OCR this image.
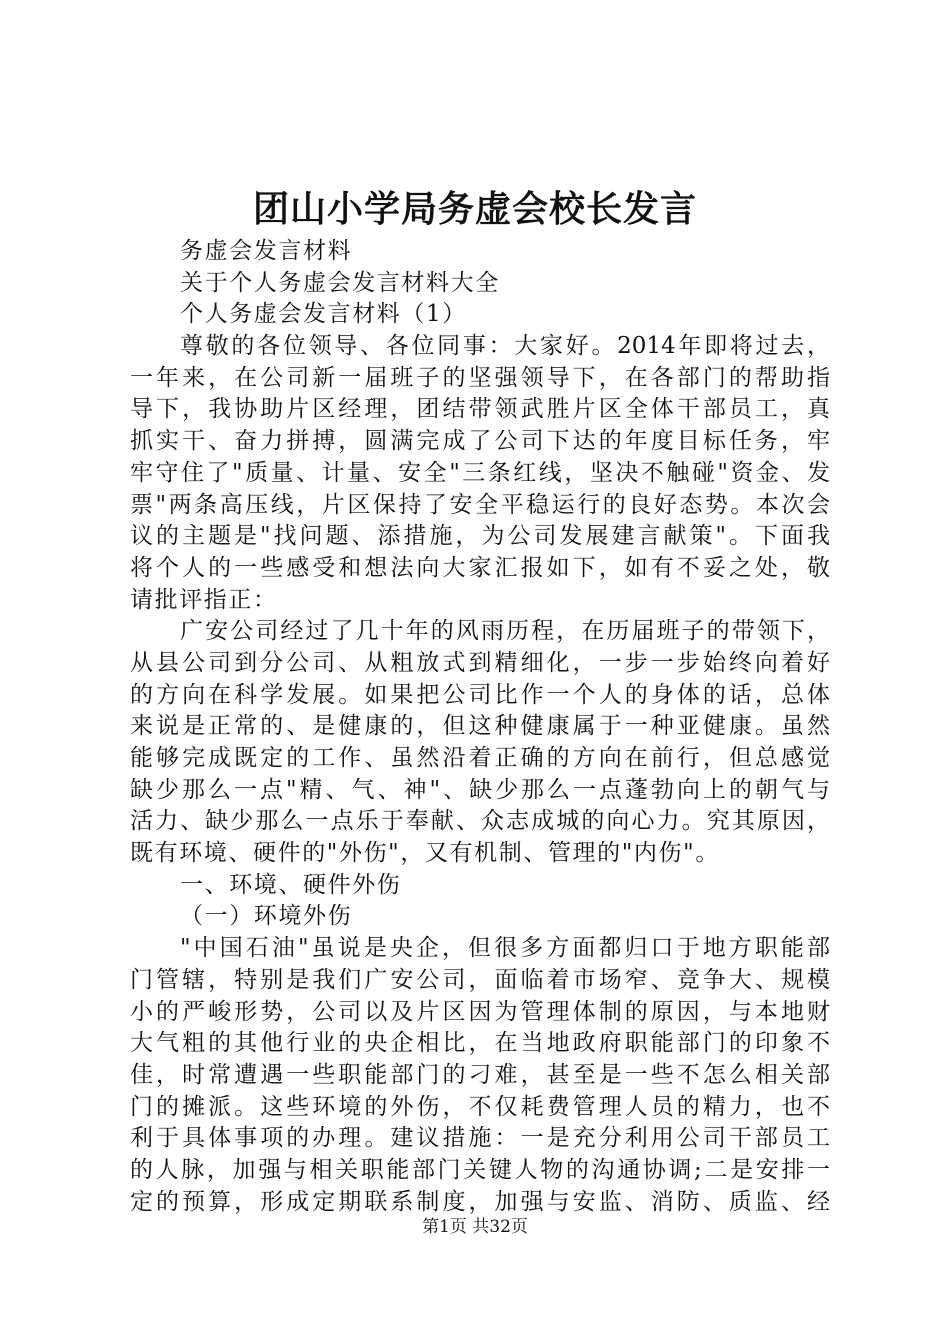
团山小学局务虚会校长发言
务虚会发言材料
关于个人务虚会发言材料大全
个人务虚会发言材料（1）
尊敬的各位领导、各位同事：大家好。2014年即将过去，
一年来，在公司新一届班子的坚强领导下，在各部门的帮助指
导下，我协助片区经理，团结带领武胜片区全体干部员工，真
抓实干、奋力拼搏，圆满完成了公司下达的年度目标任务，牢
牢守住了"质量、计量、安全"三条红线，坚决不触碰"资金、发
票"两条高压线，片区保持了安全平稳运行的良好态势。本次会
议的主题是"找问题、添措施，为公司发展建言献策"。下面我
将个人的一些感受和想法向大家汇报如下，如有不妥之处，敬
请批评指正：
广安公司经过了几十年的风雨历程，在历届班子的带领下，
从县公司到分公司、从粗放式到精细化，一步一步始终向着好
的方向在科学发展。如果把公司比作一个人的身体的话，总体
来说是正常的、是健康的，但这种健康属于一种亚健康。虽然
能够完成既定的工作、虽然沿着正确的方向在前行，但总感觉
缺少那么一点"精、气、神"、缺少那么一点蓬勃向上的朝气与
活力、缺少那么一点乐于奉献、众志成城的向心力。究其原因，
既有环境、硬件的"外伤"，又有机制、管理的"内伤"。
一、环境、硬件外伤
（一）环境外伤
"中国石油"虽说是央企，但很多方面都归口于地方职能部
门管辖，特别是我们广安公司，面临着市场窄、竞争大、规模
小的严峻形势，公司以及片区因为管理体制的原因，与本地财
大气粗的其他行业的央企相比，在当地政府职能部门的印象不
佳，时常遭遇一些职能部门的刁难，甚至是一些不怎么相关部
门的摊派。这些环境的外伤，不仅耗费管理人员的精力，也不
利于具体事项的办理。建议措施：一是充分利用公司干部员工
的人脉，加强与相关职能部门关键人物的沟通协调;二是安排一
定的预算，形成定期联系制度，加强与安监、消防、质监、经
第1页 共32页
